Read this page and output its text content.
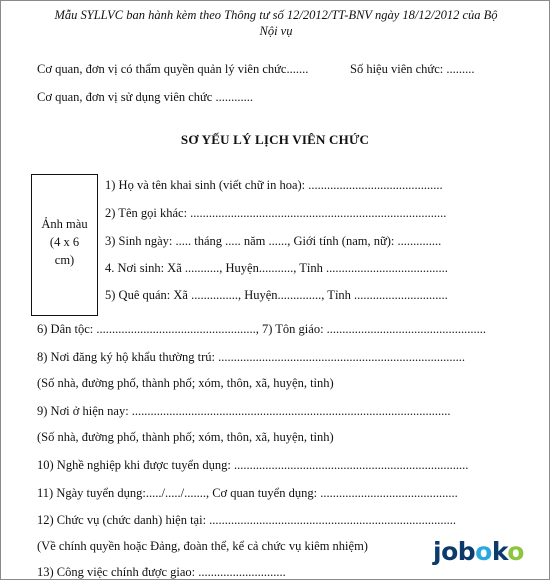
Mẫu SYLLVC ban hành kèm theo Thông tư số 12/2012/TT-BNV ngày 18/12/2012 của Bộ
Nội vụ
Cơ quan, đơn vị có thẩm quyền quản lý viên chức.......	Số hiệu viên chức: .........
Cơ quan, đơn vị sử dụng viên chức ............
SƠ YẾU LÝ LỊCH VIÊN CHỨC
Ảnh màu
(4 x 6
cm)
1) Họ và tên khai sinh (viết chữ in hoa): ...........................................
2) Tên gọi khác: ..................................................................................
3) Sinh ngày: ..... tháng ..... năm ......, Giới tính (nam, nữ): ..............
4. Nơi sinh: Xã ..........., Huyện..........., Tỉnh .......................................
5) Quê quán: Xã ..............., Huyện.............., Tỉnh ..............................
6) Dân tộc: ..................................................., 7) Tôn giáo: ...................................................
8) Nơi đăng ký hộ khẩu thường trú: ...............................................................................
(Số nhà, đường phố, thành phố; xóm, thôn, xã, huyện, tỉnh)
9) Nơi ở hiện nay: ......................................................................................................
(Số nhà, đường phố, thành phố; xóm, thôn, xã, huyện, tỉnh)
10) Nghề nghiệp khi được tuyển dụng: ...........................................................................
11) Ngày tuyển dụng:...../...../......., Cơ quan tuyển dụng: ............................................
12) Chức vụ (chức danh) hiện tại: ...............................................................................
(Về chính quyền hoặc Đảng, đoàn thể, kể cả chức vụ kiêm nhiệm)
13) Công việc chính được giao: ............................
joboko
